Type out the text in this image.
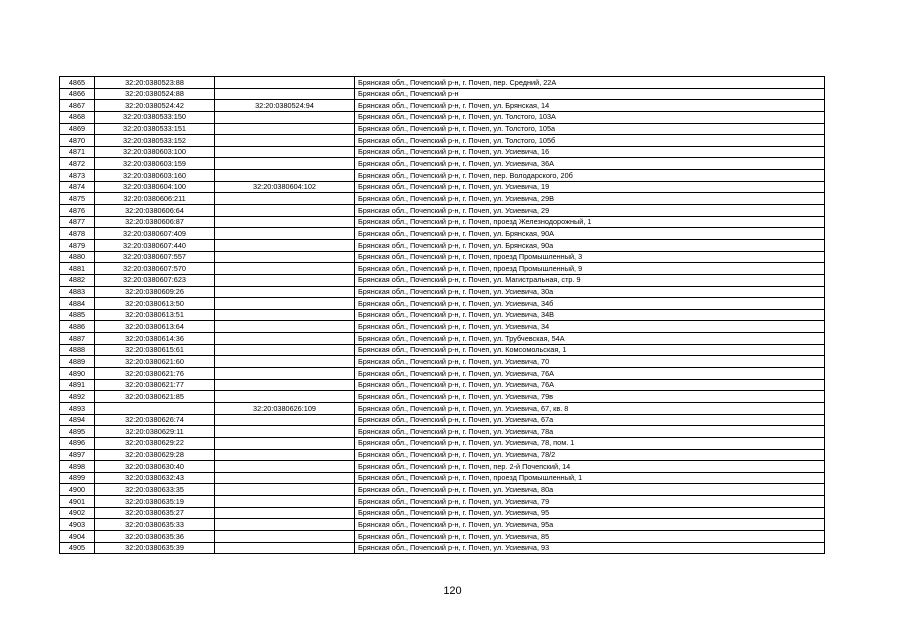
4865	32:20:0380523:88		Брянская обл., Почепский р-н, г. Почеп, пер. Средний, 22А
4866	32:20:0380524:88		Брянская обл., Почепский р-н
4867	32:20:0380524:42	32:20:0380524:94	Брянская обл., Почепский р-н, г. Почеп, ул. Брянская, 14
4868	32:20:0380533:150		Брянская обл., Почепский р-н, г. Почеп, ул. Толстого, 103А
4869	32:20:0380533:151		Брянская обл., Почепский р-н, г. Почеп, ул. Толстого, 105а
4870	32:20:0380533:152		Брянская обл., Почепский р-н, г. Почеп, ул. Толстого, 105б
4871	32:20:0380603:100		Брянская обл., Почепский р-н, г. Почеп, ул. Усиевича, 16
4872	32:20:0380603:159		Брянская обл., Почепский р-н, г. Почеп, ул. Усиевича, 36А
4873	32:20:0380603:160		Брянская обл., Почепский р-н, г. Почеп, пер. Володарского, 20б
4874	32:20:0380604:100	32:20:0380604:102	Брянская обл., Почепский р-н, г. Почеп, ул. Усиевича, 19
4875	32:20:0380606:211		Брянская обл., Почепский р-н, г. Почеп, ул. Усиевича, 29В
4876	32:20:0380606:64		Брянская обл., Почепский р-н, г. Почеп, ул. Усиевича, 29
4877	32:20:0380606:87		Брянская обл., Почепский р-н, г. Почеп, проезд Железнодорожный, 1
4878	32:20:0380607:409		Брянская обл., Почепский р-н, г. Почеп, ул. Брянская, 90А
4879	32:20:0380607:440		Брянская обл., Почепский р-н, г. Почеп, ул. Брянская, 90а
4880	32:20:0380607:557		Брянская обл., Почепский р-н, г. Почеп, проезд Промышленный, 3
4881	32:20:0380607:570		Брянская обл., Почепский р-н, г. Почеп, проезд Промышленный, 9
4882	32:20:0380607:623		Брянская обл., Почепский р-н, г. Почеп, ул. Магистральная, стр. 9
4883	32:20:0380609:26		Брянская обл., Почепский р-н, г. Почеп, ул. Усиевича, 30а
4884	32:20:0380613:50		Брянская обл., Почепский р-н, г. Почеп, ул. Усиевича, 34б
4885	32:20:0380613:51		Брянская обл., Почепский р-н, г. Почеп, ул. Усиевича, 34В
4886	32:20:0380613:64		Брянская обл., Почепский р-н, г. Почеп, ул. Усиевича, 34
4887	32:20:0380614:36		Брянская обл., Почепский р-н, г. Почеп, ул. Трубчевская, 54А
4888	32:20:0380615:61		Брянская обл., Почепский р-н, г. Почеп, ул. Комсомольская, 1
4889	32:20:0380621:60		Брянская обл., Почепский р-н, г. Почеп, ул. Усиевича, 70
4890	32:20:0380621:76		Брянская обл., Почепский р-н, г. Почеп, ул. Усиевича, 76А
4891	32:20:0380621:77		Брянская обл., Почепский р-н, г. Почеп, ул. Усиевича, 76А
4892	32:20:0380621:85		Брянская обл., Почепский р-н, г. Почеп, ул. Усиевича, 79в
4893		32:20:0380626:109	Брянская обл., Почепский р-н, г. Почеп, ул. Усиевича, 67, кв. 8
4894	32:20:0380626:74		Брянская обл., Почепский р-н, г. Почеп, ул. Усиевича, 67а
4895	32:20:0380629:11		Брянская обл., Почепский р-н, г. Почеп, ул. Усиевича, 78а
4896	32:20:0380629:22		Брянская обл., Почепский р-н, г. Почеп, ул. Усиевича, 78, пом. 1
4897	32:20:0380629:28		Брянская обл., Почепский р-н, г. Почеп, ул. Усиевича, 78/2
4898	32:20:0380630:40		Брянская обл., Почепский р-н, г. Почеп, пер. 2-й Почепский, 14
4899	32:20:0380632:43		Брянская обл., Почепский р-н, г. Почеп, проезд Промышленный, 1
4900	32:20:0380633:35		Брянская обл., Почепский р-н, г. Почеп, ул. Усиевича, 80а
4901	32:20:0380635:19		Брянская обл., Почепский р-н, г. Почеп, ул. Усиевича, 79
4902	32:20:0380635:27		Брянская обл., Почепский р-н, г. Почеп, ул. Усиевича, 95
4903	32:20:0380635:33		Брянская обл., Почепский р-н, г. Почеп, ул. Усиевича, 95а
4904	32:20:0380635:36		Брянская обл., Почепский р-н, г. Почеп, ул. Усиевича, 85
4905	32:20:0380635:39		Брянская обл., Почепский р-н, г. Почеп, ул. Усиевича, 93
120
